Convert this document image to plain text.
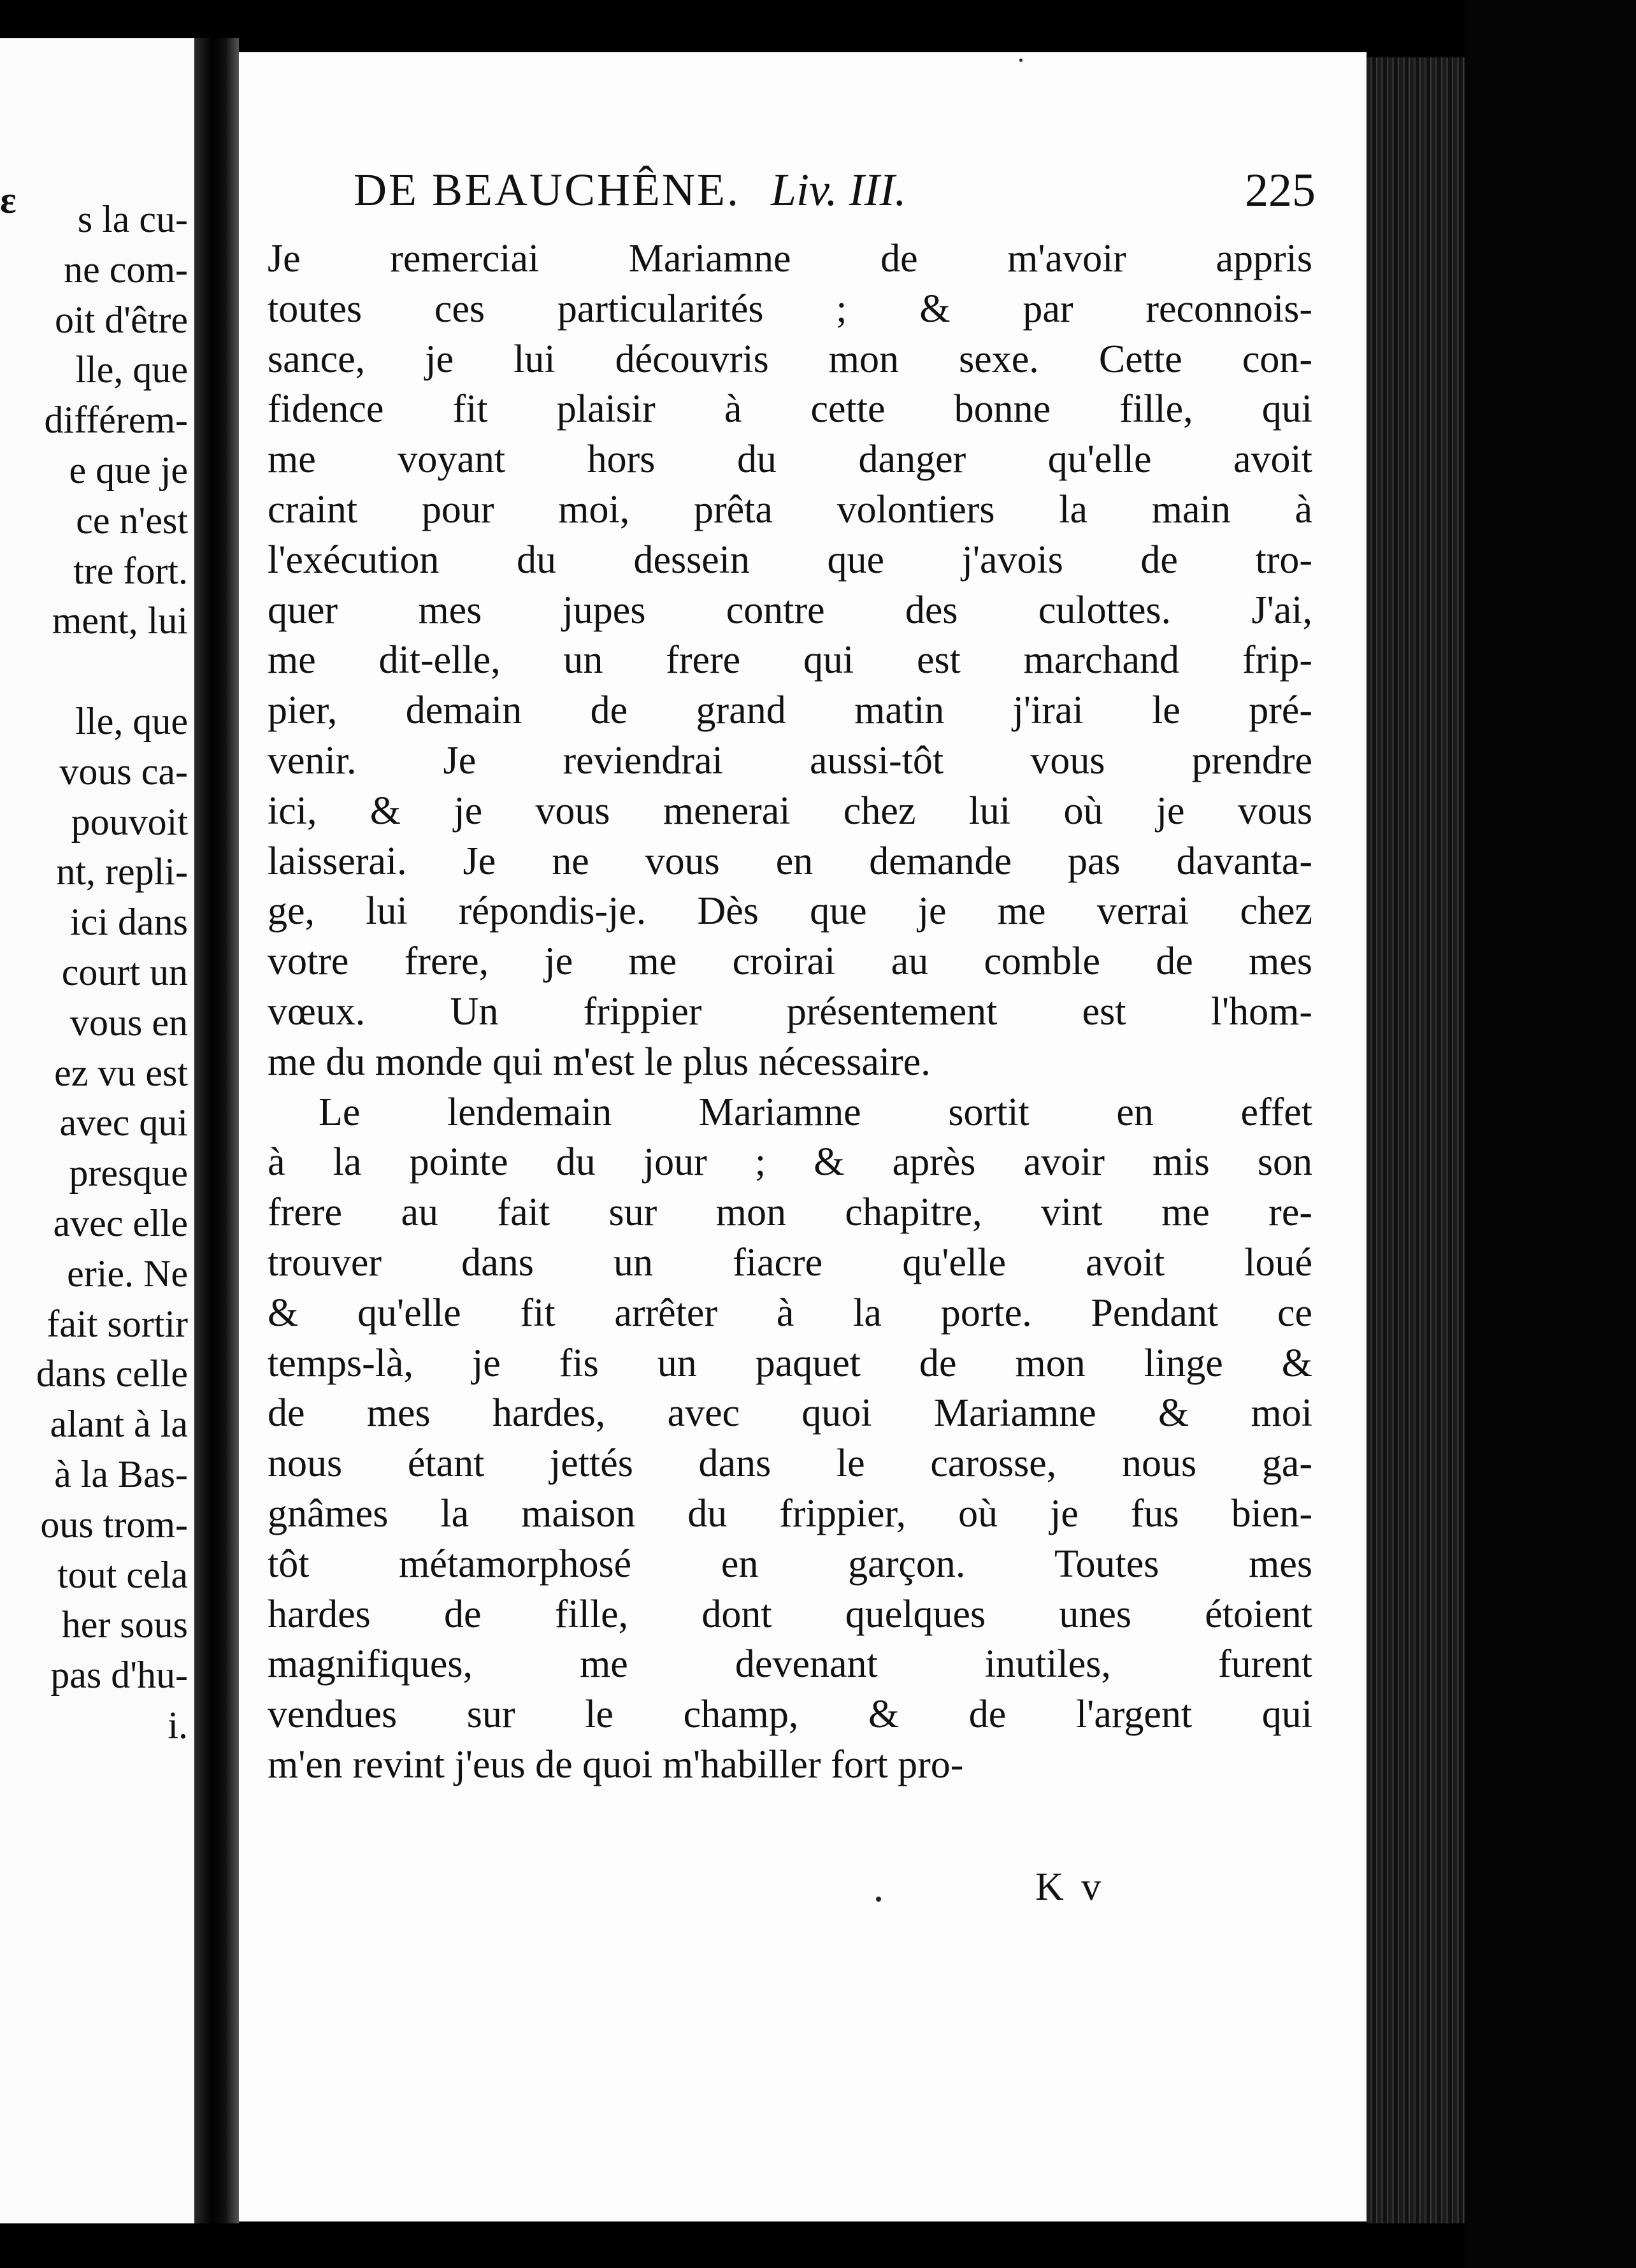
ε	s la cu-
ne com-
oit d'être
lle, que
différem-
e que je
ce n'est
tre fort.
ment, lui

lle, que
vous ca-
pouvoit
nt, repli-
ici dans
court un
vous en
ez vu est
avec qui
presque
avec elle
erie. Ne
fait sortir
dans celle
alant à la
à la Bas-
ous trom-
tout cela
her sous
pas d'hu-
i.
DE BEAUCHÊNE. Liv. III.	225
Je remerciai Mariamne de m'avoir appris
toutes ces particularités ; & par reconnois-
sance, je lui découvris mon sexe. Cette con-
fidence fit plaisir à cette bonne fille, qui
me voyant hors du danger qu'elle avoit
craint pour moi, prêta volontiers la main à
l'exécution du dessein que j'avois de tro-
quer mes jupes contre des culottes. J'ai,
me dit-elle, un frere qui est marchand frip-
pier, demain de grand matin j'irai le pré-
venir. Je reviendrai aussi-tôt vous prendre
ici, & je vous menerai chez lui où je vous
laisserai. Je ne vous en demande pas davanta-
ge, lui répondis-je. Dès que je me verrai chez
votre frere, je me croirai au comble de mes
vœux. Un frippier présentement est l'hom-
me du monde qui m'est le plus nécessaire.
Le lendemain Mariamne sortit en effet
à la pointe du jour ; & après avoir mis son
frere au fait sur mon chapitre, vint me re-
trouver dans un fiacre qu'elle avoit loué
& qu'elle fit arrêter à la porte. Pendant ce
temps-là, je fis un paquet de mon linge &
de mes hardes, avec quoi Mariamne & moi
nous étant jettés dans le carosse, nous ga-
gnâmes la maison du frippier, où je fus bien-
tôt métamorphosé en garçon. Toutes mes
hardes de fille, dont quelques unes étoient
magnifiques, me devenant inutiles, furent
vendues sur le champ, & de l'argent qui
m'en revint j'eus de quoi m'habiller fort pro-
K v
